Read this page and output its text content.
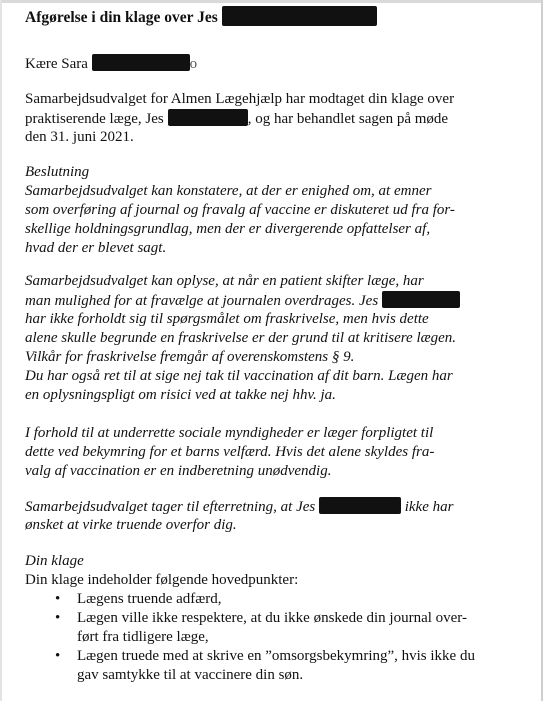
Afgørelse i din klage over Jes
Kære Sara	o
Samarbejdsudvalget for Almen Lægehjælp har modtaget din klage over
praktiserende læge, Jes	, og har behandlet sagen på møde
den 31. juni 2021.
Beslutning
Samarbejdsudvalget kan konstatere, at der er enighed om, at emner
som overføring af journal og fravalg af vaccine er diskuteret ud fra for-
skellige holdningsgrundlag, men der er divergerende opfattelser af,
hvad der er blevet sagt.
Samarbejdsudvalget kan oplyse, at når en patient skifter læge, har
man mulighed for at fravælge at journalen overdrages. Jes
har ikke forholdt sig til spørgsmålet om fraskrivelse, men hvis dette
alene skulle begrunde en fraskrivelse er der grund til at kritisere lægen.
Vilkår for fraskrivelse fremgår af overenskomstens § 9.
Du har også ret til at sige nej tak til vaccination af dit barn. Lægen har
en oplysningspligt om risici ved at takke nej hhv. ja.
I forhold til at underrette sociale myndigheder er læger forpligtet til
dette ved bekymring for et barns velfærd. Hvis det alene skyldes fra-
valg af vaccination er en indberetning unødvendig.
Samarbejdsudvalget tager til efterretning, at Jes	ikke har
ønsket at virke truende overfor dig.
Din klage
Din klage indeholder følgende hovedpunkter:
• Lægens truende adfærd,
• Lægen ville ikke respektere, at du ikke ønskede din journal over-
ført fra tidligere læge,
• Lægen truede med at skrive en ”omsorgsbekymring”, hvis ikke du
gav samtykke til at vaccinere din søn.
